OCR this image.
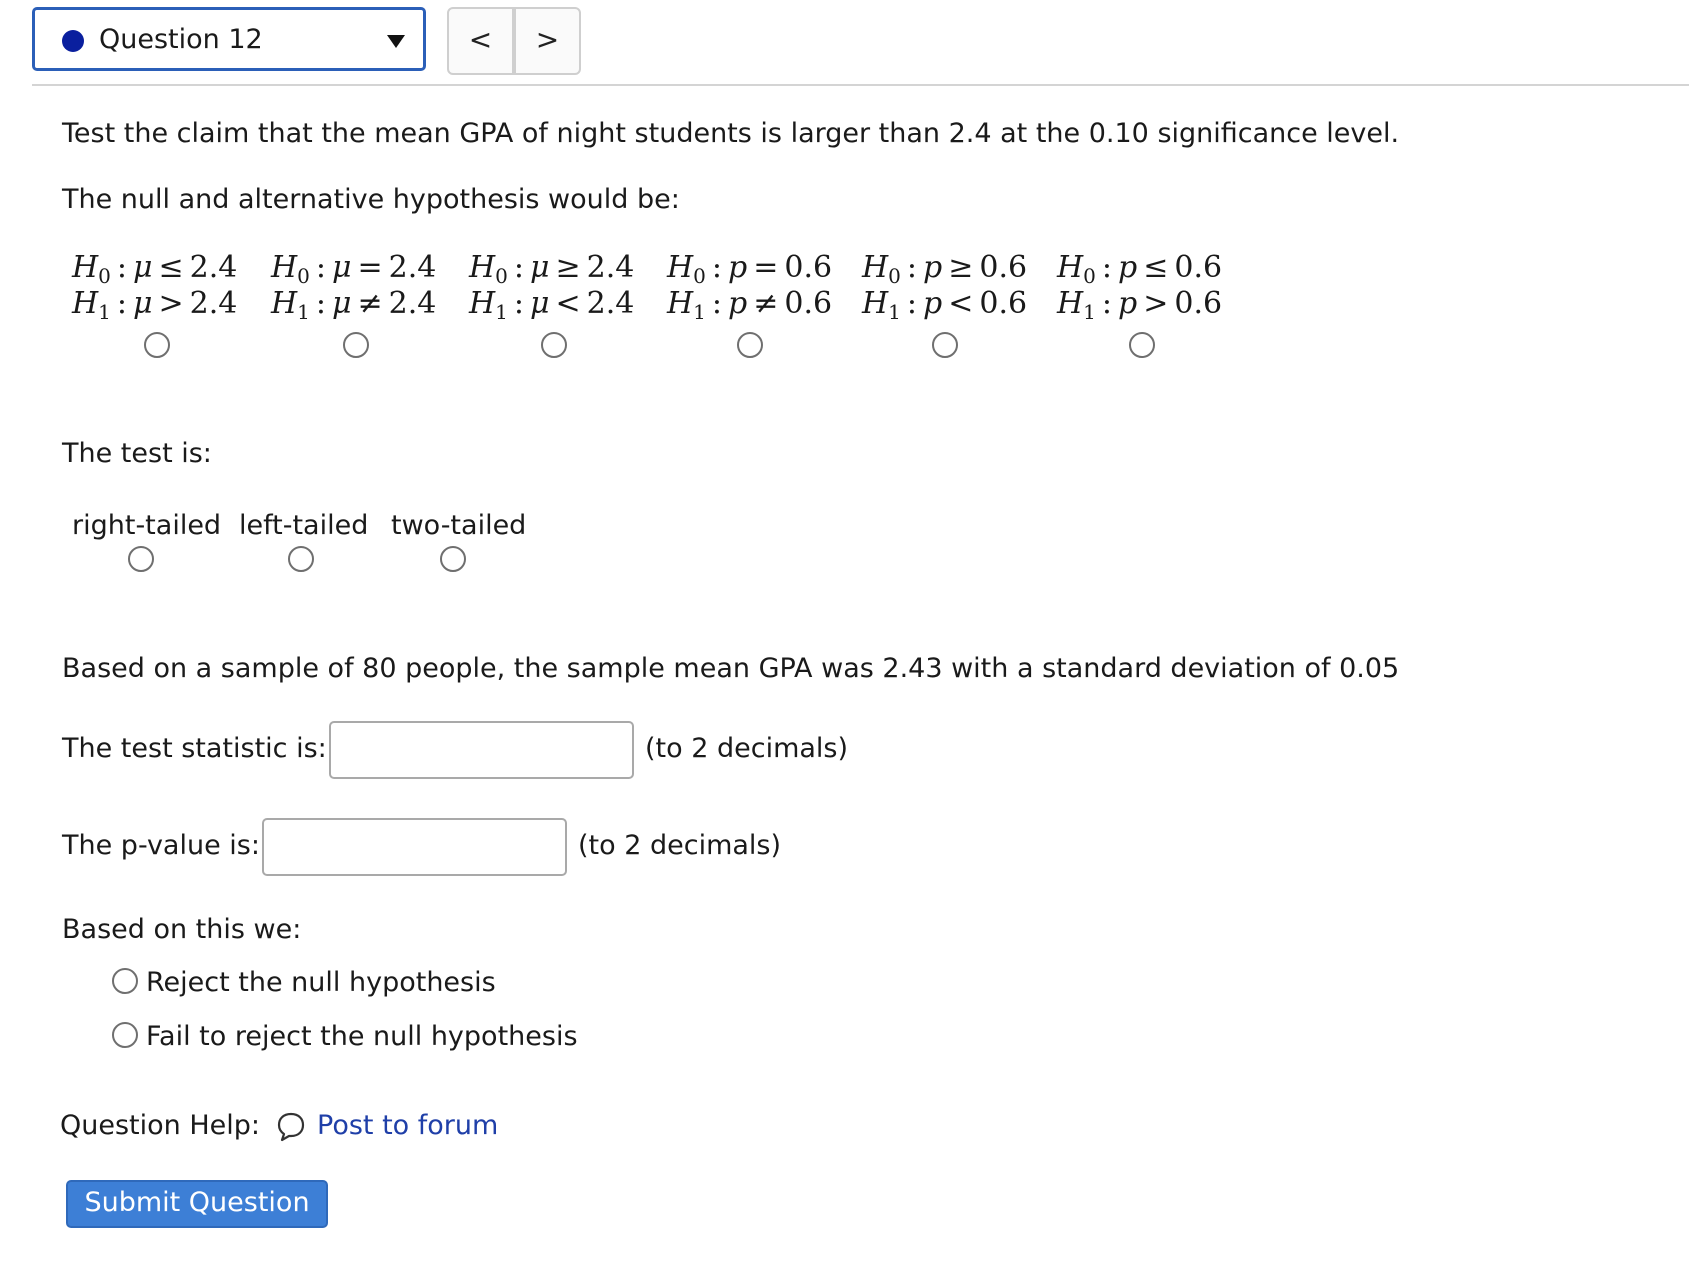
Question 12	<	>
Test the claim that the mean GPA of night students is larger than 2.4 at the 0.10 significance level.
The null and alternative hypothesis would be:
$H_0$  :  μ  ≤  2.4
$H_1$  :  μ  >  2.4
$H_0$  :  μ  =  2.4
$H_1$  :  μ  ≠  2.4
$H_0$  :  μ  ≥  2.4
$H_1$  :  μ  <  2.4
$H_0$  :  p  =  0.6
$H_1$  :  p  ≠  0.6
$H_0$  :  p  ≥  0.6
$H_1$  :  p  <  0.6
$H_0$  :  p  ≤  0.6
$H_1$  :  p  >  0.6
The test is:
right-tailed left-tailed two-tailed
Based on a sample of 80 people, the sample mean GPA was 2.43 with a standard deviation of 0.05
The test statistic is:	(to 2 decimals)
The p-value is:	(to 2 decimals)
Based on this we:
Reject the null hypothesis
Fail to reject the null hypothesis
Question Help: Post to forum
Submit Question
